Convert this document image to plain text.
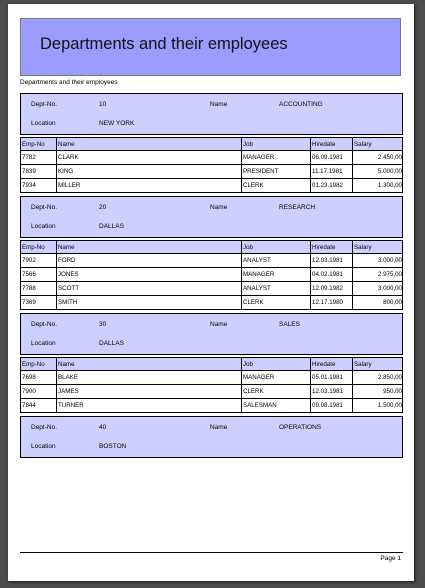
Departments and their employees
Departments and their employees
Dept-No.	10	Name	ACCOUNTING
Location	NEW YORK
Emp-No	Name	Job	Hiredate	Salary
7782	CLARK	MANAGER	06.09.1981	2.450,00
7839	KING	PRESIDENT	11.17.1981	5.000,00
7934	MILLER	CLERK	01.23.1982	1.300,00
Dept-No.	20	Name	RESEARCH
Location	DALLAS
Emp-No	Name	Job	Hiredate	Salary
7902	FORD	ANALYST	12.03.1981	3.000,00
7566	JONES	MANAGER	04.02.1981	2.975,00
7788	SCOTT	ANALYST	12.09.1982	3.000,00
7369	SMITH	CLERK	12.17.1980	800,00
Dept-No.	30	Name	SALES
Location	DALLAS
Emp-No	Name	Job	Hiredate	Salary
7698	BLAKE	MANAGER	05.01.1981	2.850,00
7900	JAMES	CLERK	12.03.1981	950,00
7844	TURNER	SALESMAN	09.08.1981	1.500,00
Dept-No.	40	Name	OPERATIONS
Location	BOSTON
Page 1
